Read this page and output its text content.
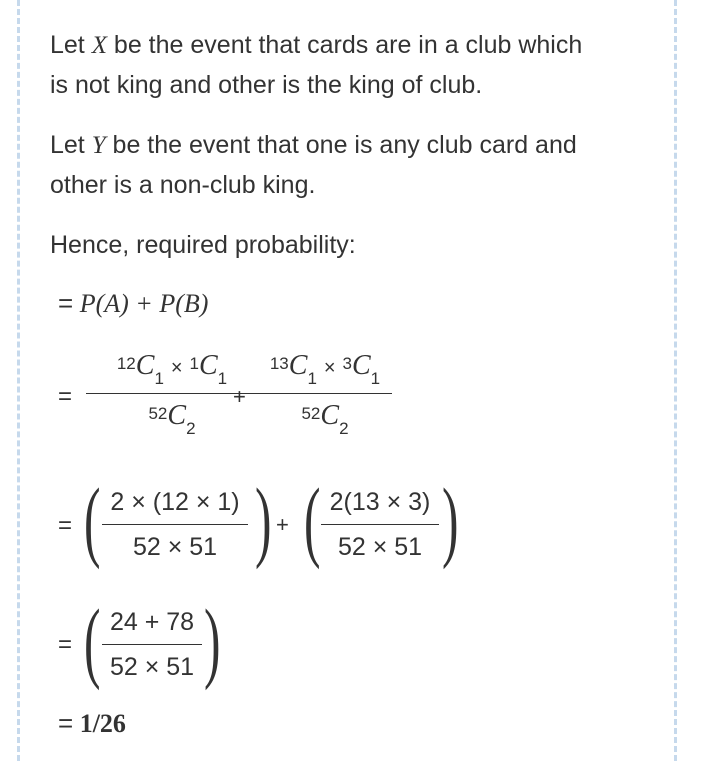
Let X be the event that cards are in a club which
is not king and other is the king of club.
Let Y be the event that one is any club card and
other is a non-club king.
Hence, required probability:
= P(A) + P(B)
=
$^{12}C_1 \times ^1C_1$
$^{52}C_2$
+
$^{13}C_1 \times ^3C_1$
$^{52}C_2$
= ( 2 × (12 × 1)
52 × 51 ) + ( 2(13 × 3)
52 × 51 )
= ( 24 + 78
52 × 51 )
= 1/26
